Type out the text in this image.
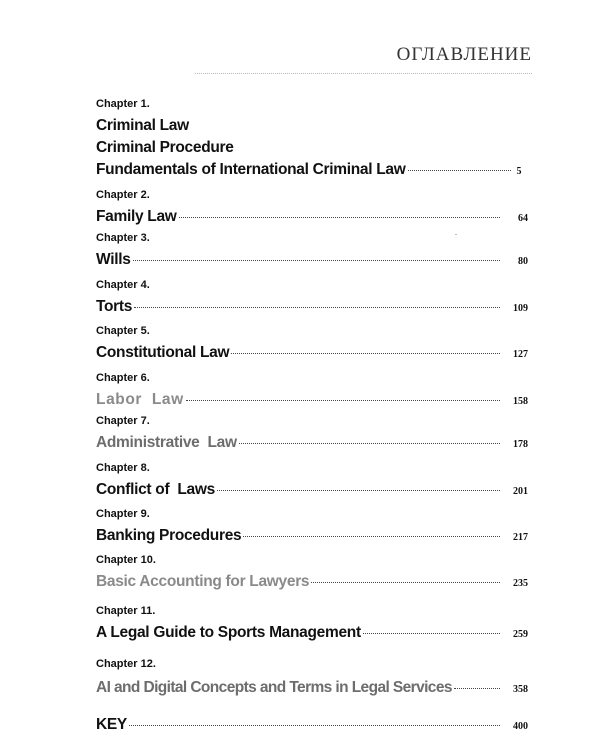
ОГЛАВЛЕНИЕ
Chapter 1.
Criminal Law
Criminal Procedure
Fundamentals of International Criminal Law	5
Chapter 2.
Family Law	64
Chapter 3.
Wills	80
Chapter 4.
Torts	109
Chapter 5.
Constitutional Law	127
Chapter 6.
Labor  Law	158
Chapter 7.
Administrative  Law	178
Chapter 8.
Conflict of  Laws	201
Chapter 9.
Banking Procedures	217
Chapter 10.
Basic Accounting for Lawyers	235
Chapter 11.
A Legal Guide to Sports Management	259
Chapter 12.
AI and Digital Concepts and Terms in Legal Services	358
KEY	400
